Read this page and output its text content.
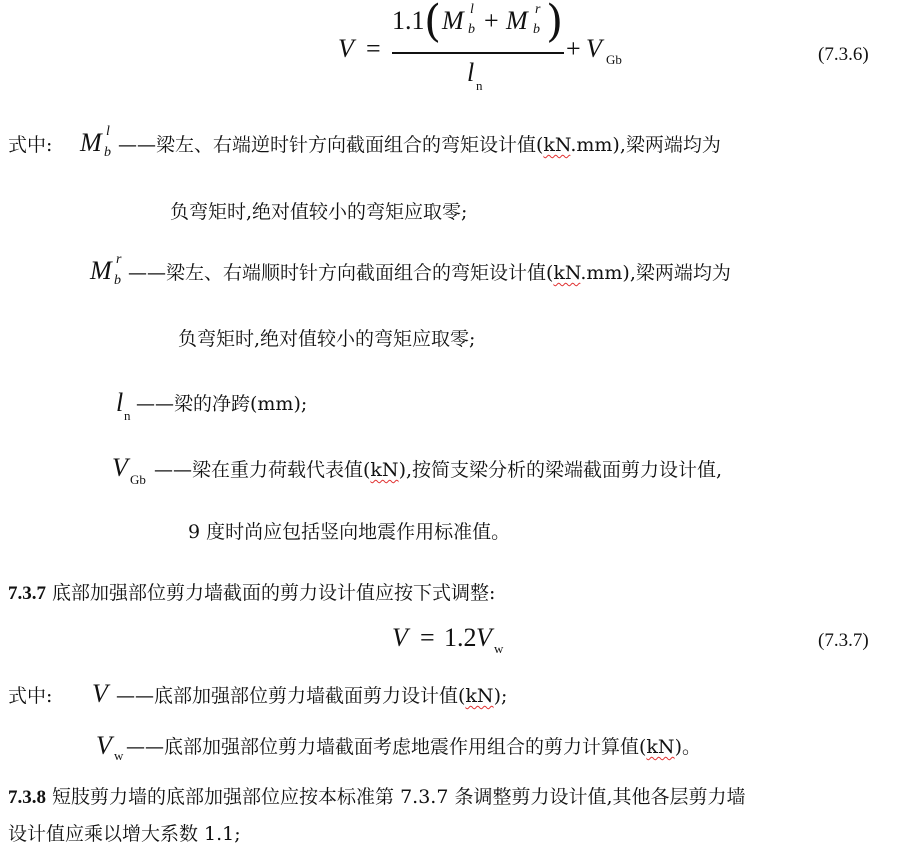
V =
1.1 ( M l
b + M r
b )
l n
+ V Gb	(7.3.6)
式中: M l
b ——梁左、右端逆时针方向截面组合的弯矩设计值(kN.mm),梁两端均为
负弯矩时,绝对值较小的弯矩应取零;
M r
b ——梁左、右端顺时针方向截面组合的弯矩设计值(kN.mm),梁两端均为
负弯矩时,绝对值较小的弯矩应取零;
l n
——梁的净跨(mm);
V Gb ——梁在重力荷载代表值(kN),按简支梁分析的梁端截面剪力设计值,
9 度时尚应包括竖向地震作用标准值。
7.3.7 底部加强部位剪力墙截面的剪力设计值应按下式调整:
V = 1.2 V w	(7.3.7)
式中: V ——底部加强部位剪力墙截面剪力设计值(kN);
V w ——底部加强部位剪力墙截面考虑地震作用组合的剪力计算值(kN)。
7.3.8 短肢剪力墙的底部加强部位应按本标准第 7.3.7 条调整剪力设计值,其他各层剪力墙
设计值应乘以增大系数 1.1;
